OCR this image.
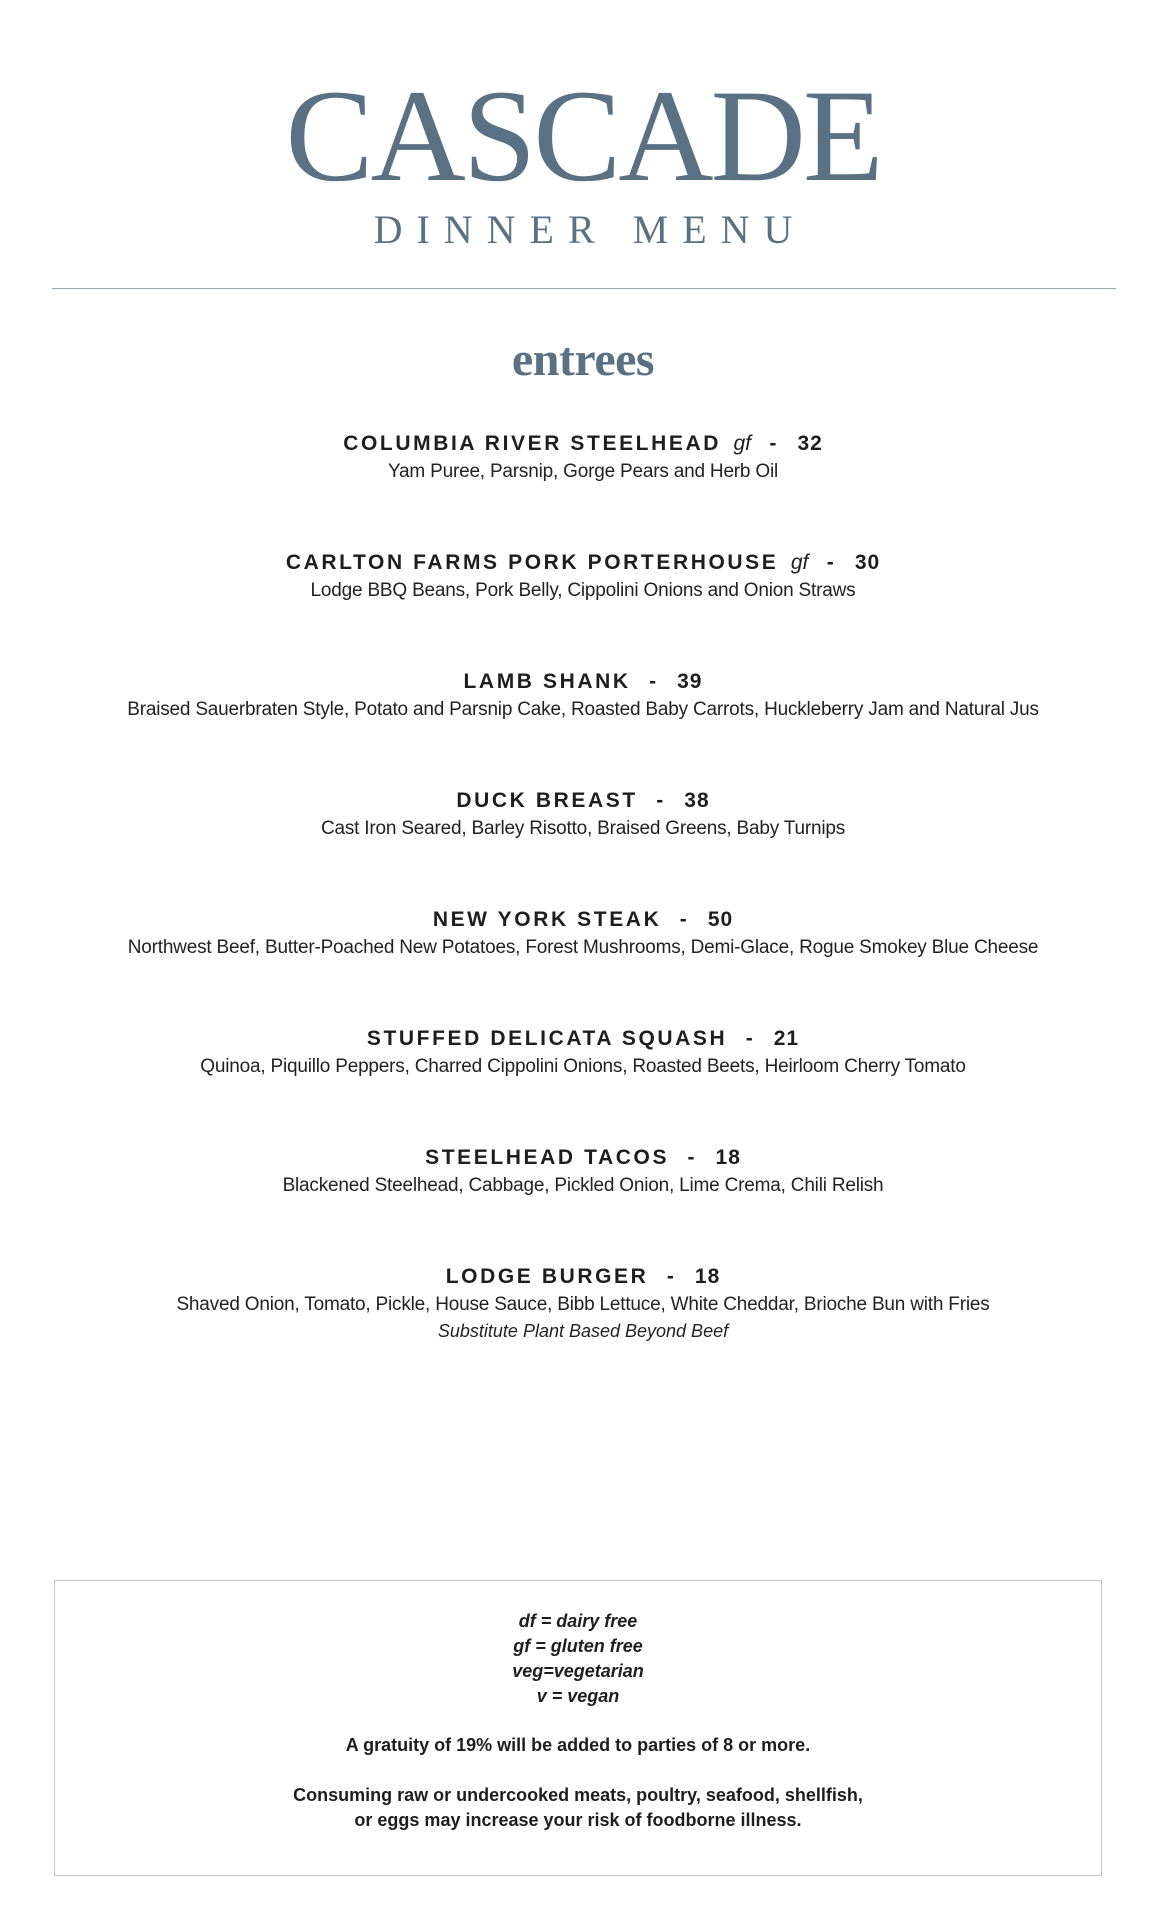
CASCADE
DINNER MENU
entrees
COLUMBIA RIVER STEELHEAD gf - 32
Yam Puree, Parsnip, Gorge Pears and Herb Oil
CARLTON FARMS PORK PORTERHOUSE gf - 30
Lodge BBQ Beans, Pork Belly, Cippolini Onions and Onion Straws
LAMB SHANK - 39
Braised Sauerbraten Style, Potato and Parsnip Cake, Roasted Baby Carrots, Huckleberry Jam and Natural Jus
DUCK BREAST - 38
Cast Iron Seared, Barley Risotto, Braised Greens, Baby Turnips
NEW YORK STEAK - 50
Northwest Beef, Butter-Poached New Potatoes, Forest Mushrooms, Demi-Glace, Rogue Smokey Blue Cheese
STUFFED DELICATA SQUASH - 21
Quinoa, Piquillo Peppers, Charred Cippolini Onions, Roasted Beets, Heirloom Cherry Tomato
STEELHEAD TACOS - 18
Blackened Steelhead, Cabbage, Pickled Onion, Lime Crema, Chili Relish
LODGE BURGER - 18
Shaved Onion, Tomato, Pickle, House Sauce, Bibb Lettuce, White Cheddar, Brioche Bun with Fries
Substitute Plant Based Beyond Beef
df = dairy free
gf = gluten free
veg=vegetarian
v = vegan
A gratuity of 19% will be added to parties of 8 or more.
Consuming raw or undercooked meats, poultry, seafood, shellfish,
or eggs may increase your risk of foodborne illness.
